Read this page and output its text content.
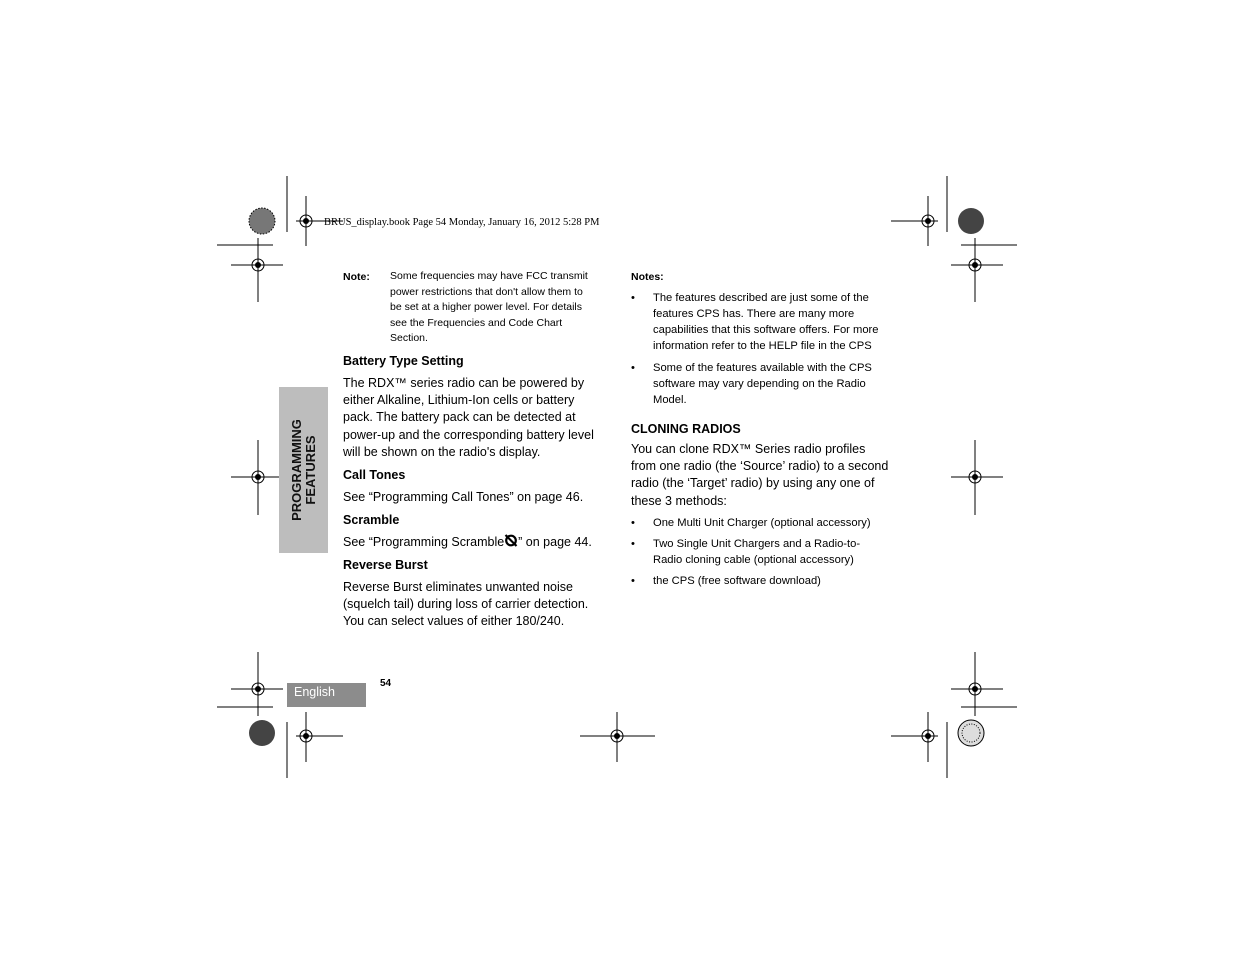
BRUS_display.book Page 54 Monday, January 16, 2012 5:28 PM
PROGRAMMING FEATURES
English
54
Note: Some frequencies may have FCC transmit
power restrictions that don't allow them to
be set at a higher power level. For details
see the Frequencies and Code Chart
Section.
Battery Type Setting
The RDX™ series radio can be powered by
either Alkaline, Lithium-Ion cells or battery
pack. The battery pack can be detected at
power-up and the corresponding battery level
will be shown on the radio's display.
Call Tones
See “Programming Call Tones” on page 46.
Scramble
See “Programming Scramble ” on page 44.
Reverse Burst
Reverse Burst eliminates unwanted noise
(squelch tail) during loss of carrier detection.
You can select values of either 180/240.
Notes:
• The features described are just some of the
features CPS has. There are many more
capabilities that this software offers. For more
information refer to the HELP file in the CPS
• Some of the features available with the CPS
software may vary depending on the Radio
Model.
CLONING RADIOS
You can clone RDX™ Series radio profiles
from one radio (the ‘Source’ radio) to a second
radio (the ‘Target’ radio) by using any one of
these 3 methods:
• One Multi Unit Charger (optional accessory)
• Two Single Unit Chargers and a Radio-to-
Radio cloning cable (optional accessory)
• the CPS (free software download)
